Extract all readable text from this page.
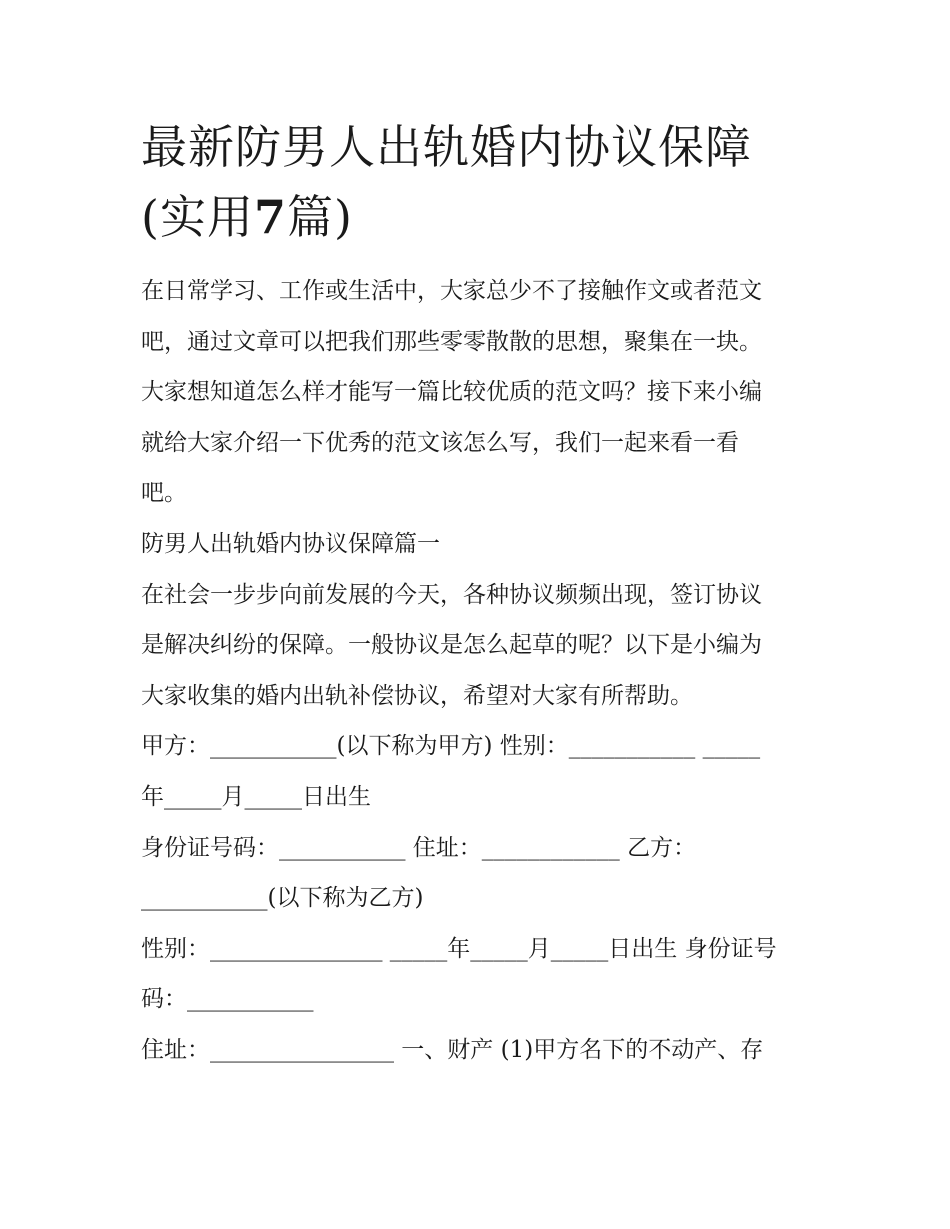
最新防男人出轨婚内协议保障
(实用7篇)

在日常学习、工作或生活中，大家总少不了接触作文或者范文

吧，通过文章可以把我们那些零零散散的思想，聚集在一块。

大家想知道怎么样才能写一篇比较优质的范文吗？接下来小编

就给大家介绍一下优秀的范文该怎么写，我们一起来看一看

吧。

防男人出轨婚内协议保障篇一

在社会一步步向前发展的今天，各种协议频频出现，签订协议

是解决纠纷的保障。一般协议是怎么起草的呢？以下是小编为

大家收集的婚内出轨补偿协议，希望对大家有所帮助。

甲方：___________(以下称为甲方) 性别：___________ _____

年_____月_____日出生

身份证号码：___________ 住址：____________ 乙方：

___________(以下称为乙方)

性别：_______________ _____年_____月_____日出生 身份证号

码：___________

住址：________________ 一、财产 (1)甲方名下的不动产、存
